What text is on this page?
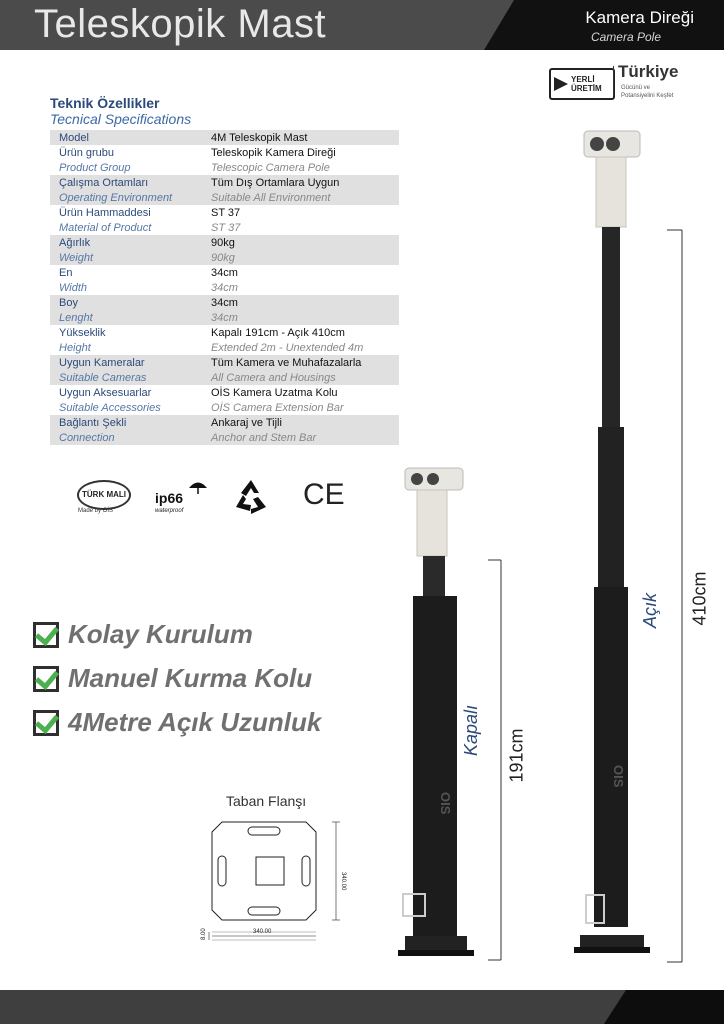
Teleskopik Mast	Kamera Direği
Camera Pole
YERLİ
ÜRETİM
Türkiye
Gücünü ve
Potansiyelini Keşfet
Teknik Özellikler
Tecnical Specifications
Model	4M Teleskopik Mast
Ürün grubu	Teleskopik Kamera Direği
Product Group	Telescopic Camera Pole
Çalışma Ortamları	Tüm Dış Ortamlara Uygun
Operating Environment	Suitable All Environment
Ürün Hammaddesi	ST 37
Material of Product	ST 37
Ağırlık	90kg
Weight	90kg
En	34cm
Width	34cm
Boy	34cm
Lenght	34cm
Yükseklik	Kapalı 191cm - Açık 410cm
Height	Extended 2m - Unextended 4m
Uygun Kameralar	Tüm Kamera ve Muhafazalarla
Suitable Cameras	All Camera and Housings
Uygun Aksesuarlar	OİS Kamera Uzatma Kolu
Suitable Accessories	OİS Camera Extension Bar
Bağlantı Şekli	Ankaraj ve Tijli
Connection	Anchor and Stem Bar
TÜRK MALI
Made by OİS
ip66
waterproof	CE
Kolay Kurulum
Manuel Kurma Kolu
4Metre Açık Uzunluk
Taban Flanşı
340.00
340.00
8.00
OIS
OIS
Kapalı 191cm
Açık 410cm
